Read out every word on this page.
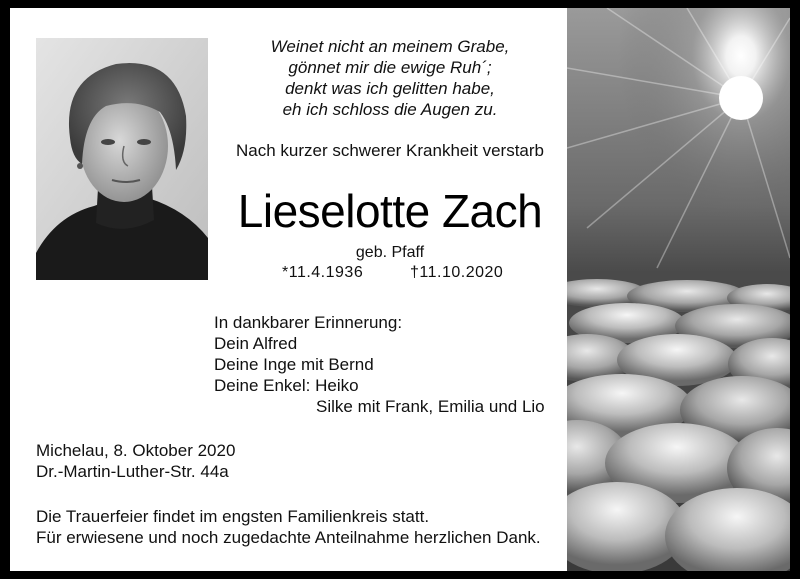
Weinet nicht an meinem Grabe,
gönnet mir die ewige Ruh´;
denkt was ich gelitten habe,
eh ich schloss die Augen zu.
Nach kurzer schwerer Krankheit verstarb
Lieselotte Zach
geb. Pfaff
*11.4.1936	†11.10.2020
In dankbarer Erinnerung:
Dein Alfred
Deine Inge mit Bernd
Deine Enkel: Heiko
Silke mit Frank, Emilia und Lio
Michelau, 8. Oktober 2020
Dr.-Martin-Luther-Str. 44a
Die Trauerfeier findet im engsten Familienkreis statt.
Für erwiesene und noch zugedachte Anteilnahme herzlichen Dank.
